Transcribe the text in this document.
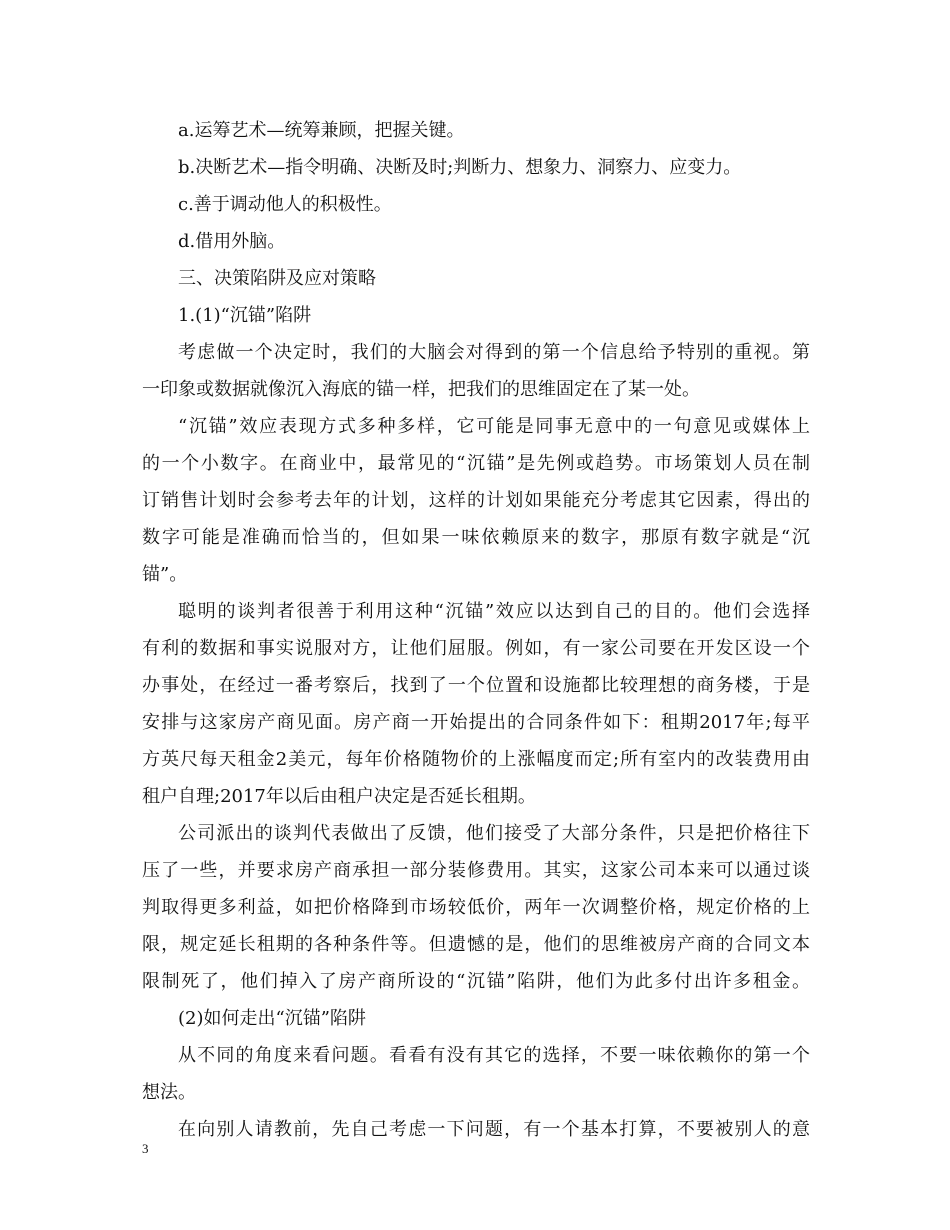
a.运筹艺术—统筹兼顾，把握关键。
b.决断艺术—指令明确、决断及时;判断力、想象力、洞察力、应变力。
c.善于调动他人的积极性。
d.借用外脑。
三、决策陷阱及应对策略
1.(1)“沉锚”陷阱
考虑做一个决定时，我们的大脑会对得到的第一个信息给予特别的重视。第
一印象或数据就像沉入海底的锚一样，把我们的思维固定在了某一处。
“沉锚”效应表现方式多种多样，它可能是同事无意中的一句意见或媒体上
的一个小数字。在商业中，最常见的“沉锚”是先例或趋势。市场策划人员在制
订销售计划时会参考去年的计划，这样的计划如果能充分考虑其它因素，得出的
数字可能是准确而恰当的，但如果一味依赖原来的数字，那原有数字就是“沉
锚”。
聪明的谈判者很善于利用这种“沉锚”效应以达到自己的目的。他们会选择
有利的数据和事实说服对方，让他们屈服。例如，有一家公司要在开发区设一个
办事处，在经过一番考察后，找到了一个位置和设施都比较理想的商务楼，于是
安排与这家房产商见面。房产商一开始提出的合同条件如下：租期2017年;每平
方英尺每天租金2美元，每年价格随物价的上涨幅度而定;所有室内的改装费用由
租户自理;2017年以后由租户决定是否延长租期。
公司派出的谈判代表做出了反馈，他们接受了大部分条件，只是把价格往下
压了一些，并要求房产商承担一部分装修费用。其实，这家公司本来可以通过谈
判取得更多利益，如把价格降到市场较低价，两年一次调整价格，规定价格的上
限，规定延长租期的各种条件等。但遗憾的是，他们的思维被房产商的合同文本
限制死了，他们掉入了房产商所设的“沉锚”陷阱，他们为此多付出许多租金。
(2)如何走出“沉锚”陷阱
从不同的角度来看问题。看看有没有其它的选择，不要一味依赖你的第一个
想法。
在向别人请教前，先自己考虑一下问题，有一个基本打算，不要被别人的意
3
